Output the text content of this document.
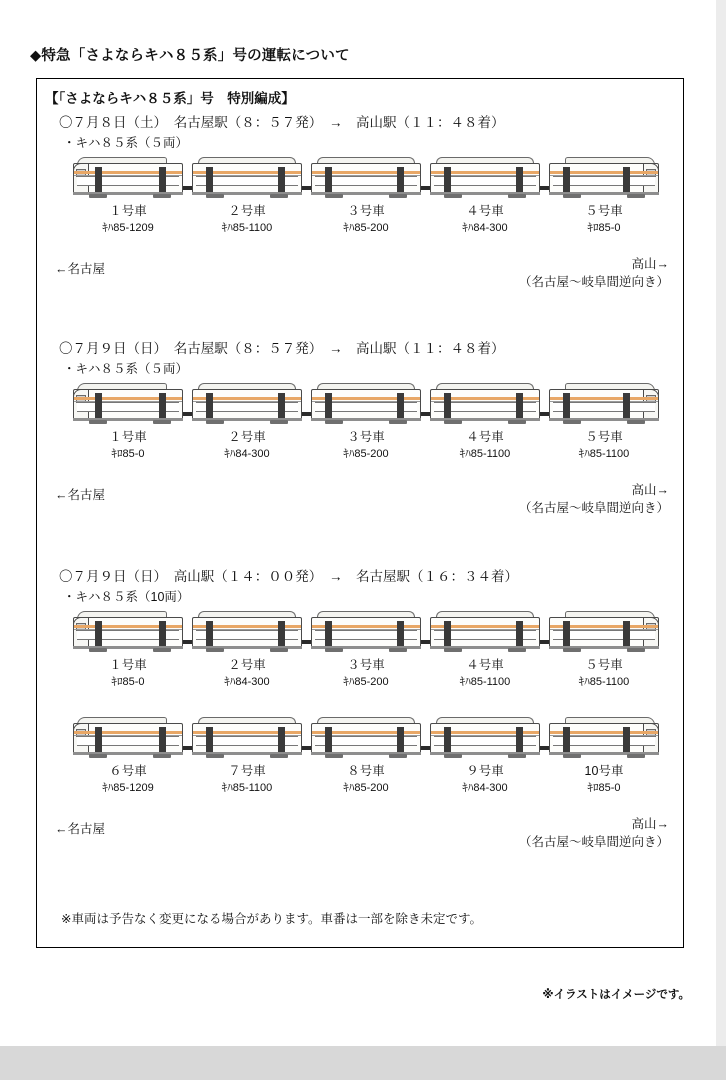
◆特急「さよならキハ８５系」号の運転について
【「さよならキハ８５系」号　特別編成】
〇７月８日（土）　名古屋駅（８：５７発）　→　高山駅（１１：４８着）
・キハ８５系（５両）
１号車
ｷﾊ85-1209
２号車
ｷﾊ85-1100
３号車
ｷﾊ85-200
４号車
ｷﾊ84-300
５号車
ｷﾛ85-0
←名古屋	高山→
（名古屋〜岐阜間逆向き）
〇７月９日（日）　名古屋駅（８：５７発）　→　高山駅（１１：４８着）
・キハ８５系（５両）
１号車
ｷﾛ85-0
２号車
ｷﾊ84-300
３号車
ｷﾊ85-200
４号車
ｷﾊ85-1100
５号車
ｷﾊ85-1100
←名古屋	高山→
（名古屋〜岐阜間逆向き）
〇７月９日（日）　高山駅（１４：００発）　→　名古屋駅（１６：３４着）
・キハ８５系（10両）
１号車
ｷﾛ85-0
２号車
ｷﾊ84-300
３号車
ｷﾊ85-200
４号車
ｷﾊ85-1100
５号車
ｷﾊ85-1100
６号車
ｷﾊ85-1209
７号車
ｷﾊ85-1100
８号車
ｷﾊ85-200
９号車
ｷﾊ84-300
10号車
ｷﾛ85-0
←名古屋	高山→
（名古屋〜岐阜間逆向き）
※車両は予告なく変更になる場合があります。車番は一部を除き未定です。
※イラストはイメージです。
